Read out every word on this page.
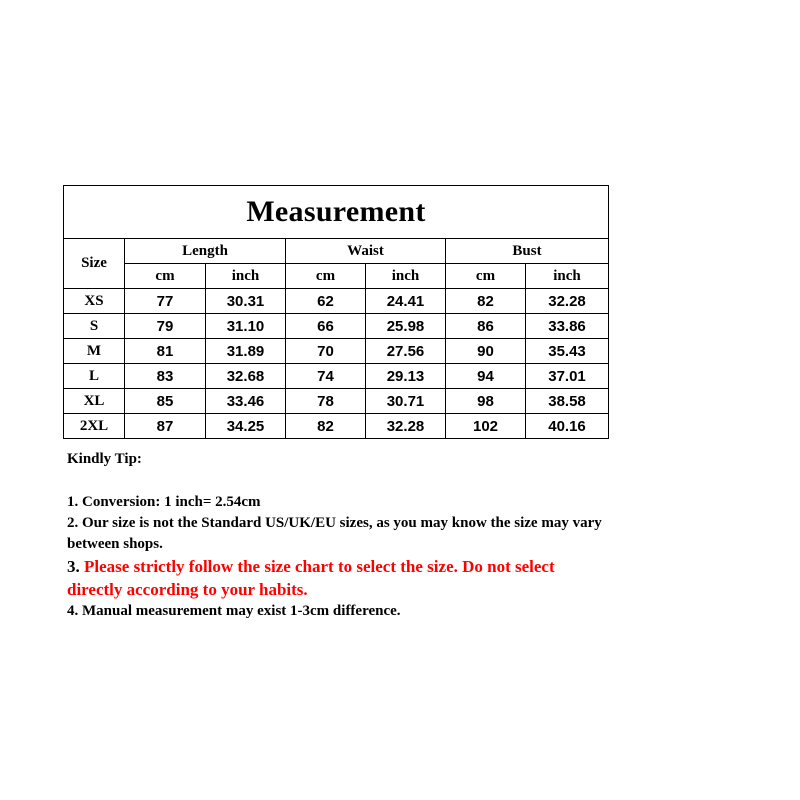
Measurement						
Size	Length		Waist		Bust	
	cm	inch	cm	inch	cm	inch
XS	77	30.31	62	24.41	82	32.28
S	79	31.10	66	25.98	86	33.86
M	81	31.89	70	27.56	90	35.43
L	83	32.68	74	29.13	94	37.01
XL	85	33.46	78	30.71	98	38.58
2XL	87	34.25	82	32.28	102	40.16

Kindly Tip:

1. Conversion: 1 inch= 2.54cm

2. Our size is not the Standard US/UK/EU sizes, as you may know the size may vary between shops.

3. Please strictly follow the size chart to select the size. Do not select directly according to your habits.

4. Manual measurement may exist 1-3cm difference.
